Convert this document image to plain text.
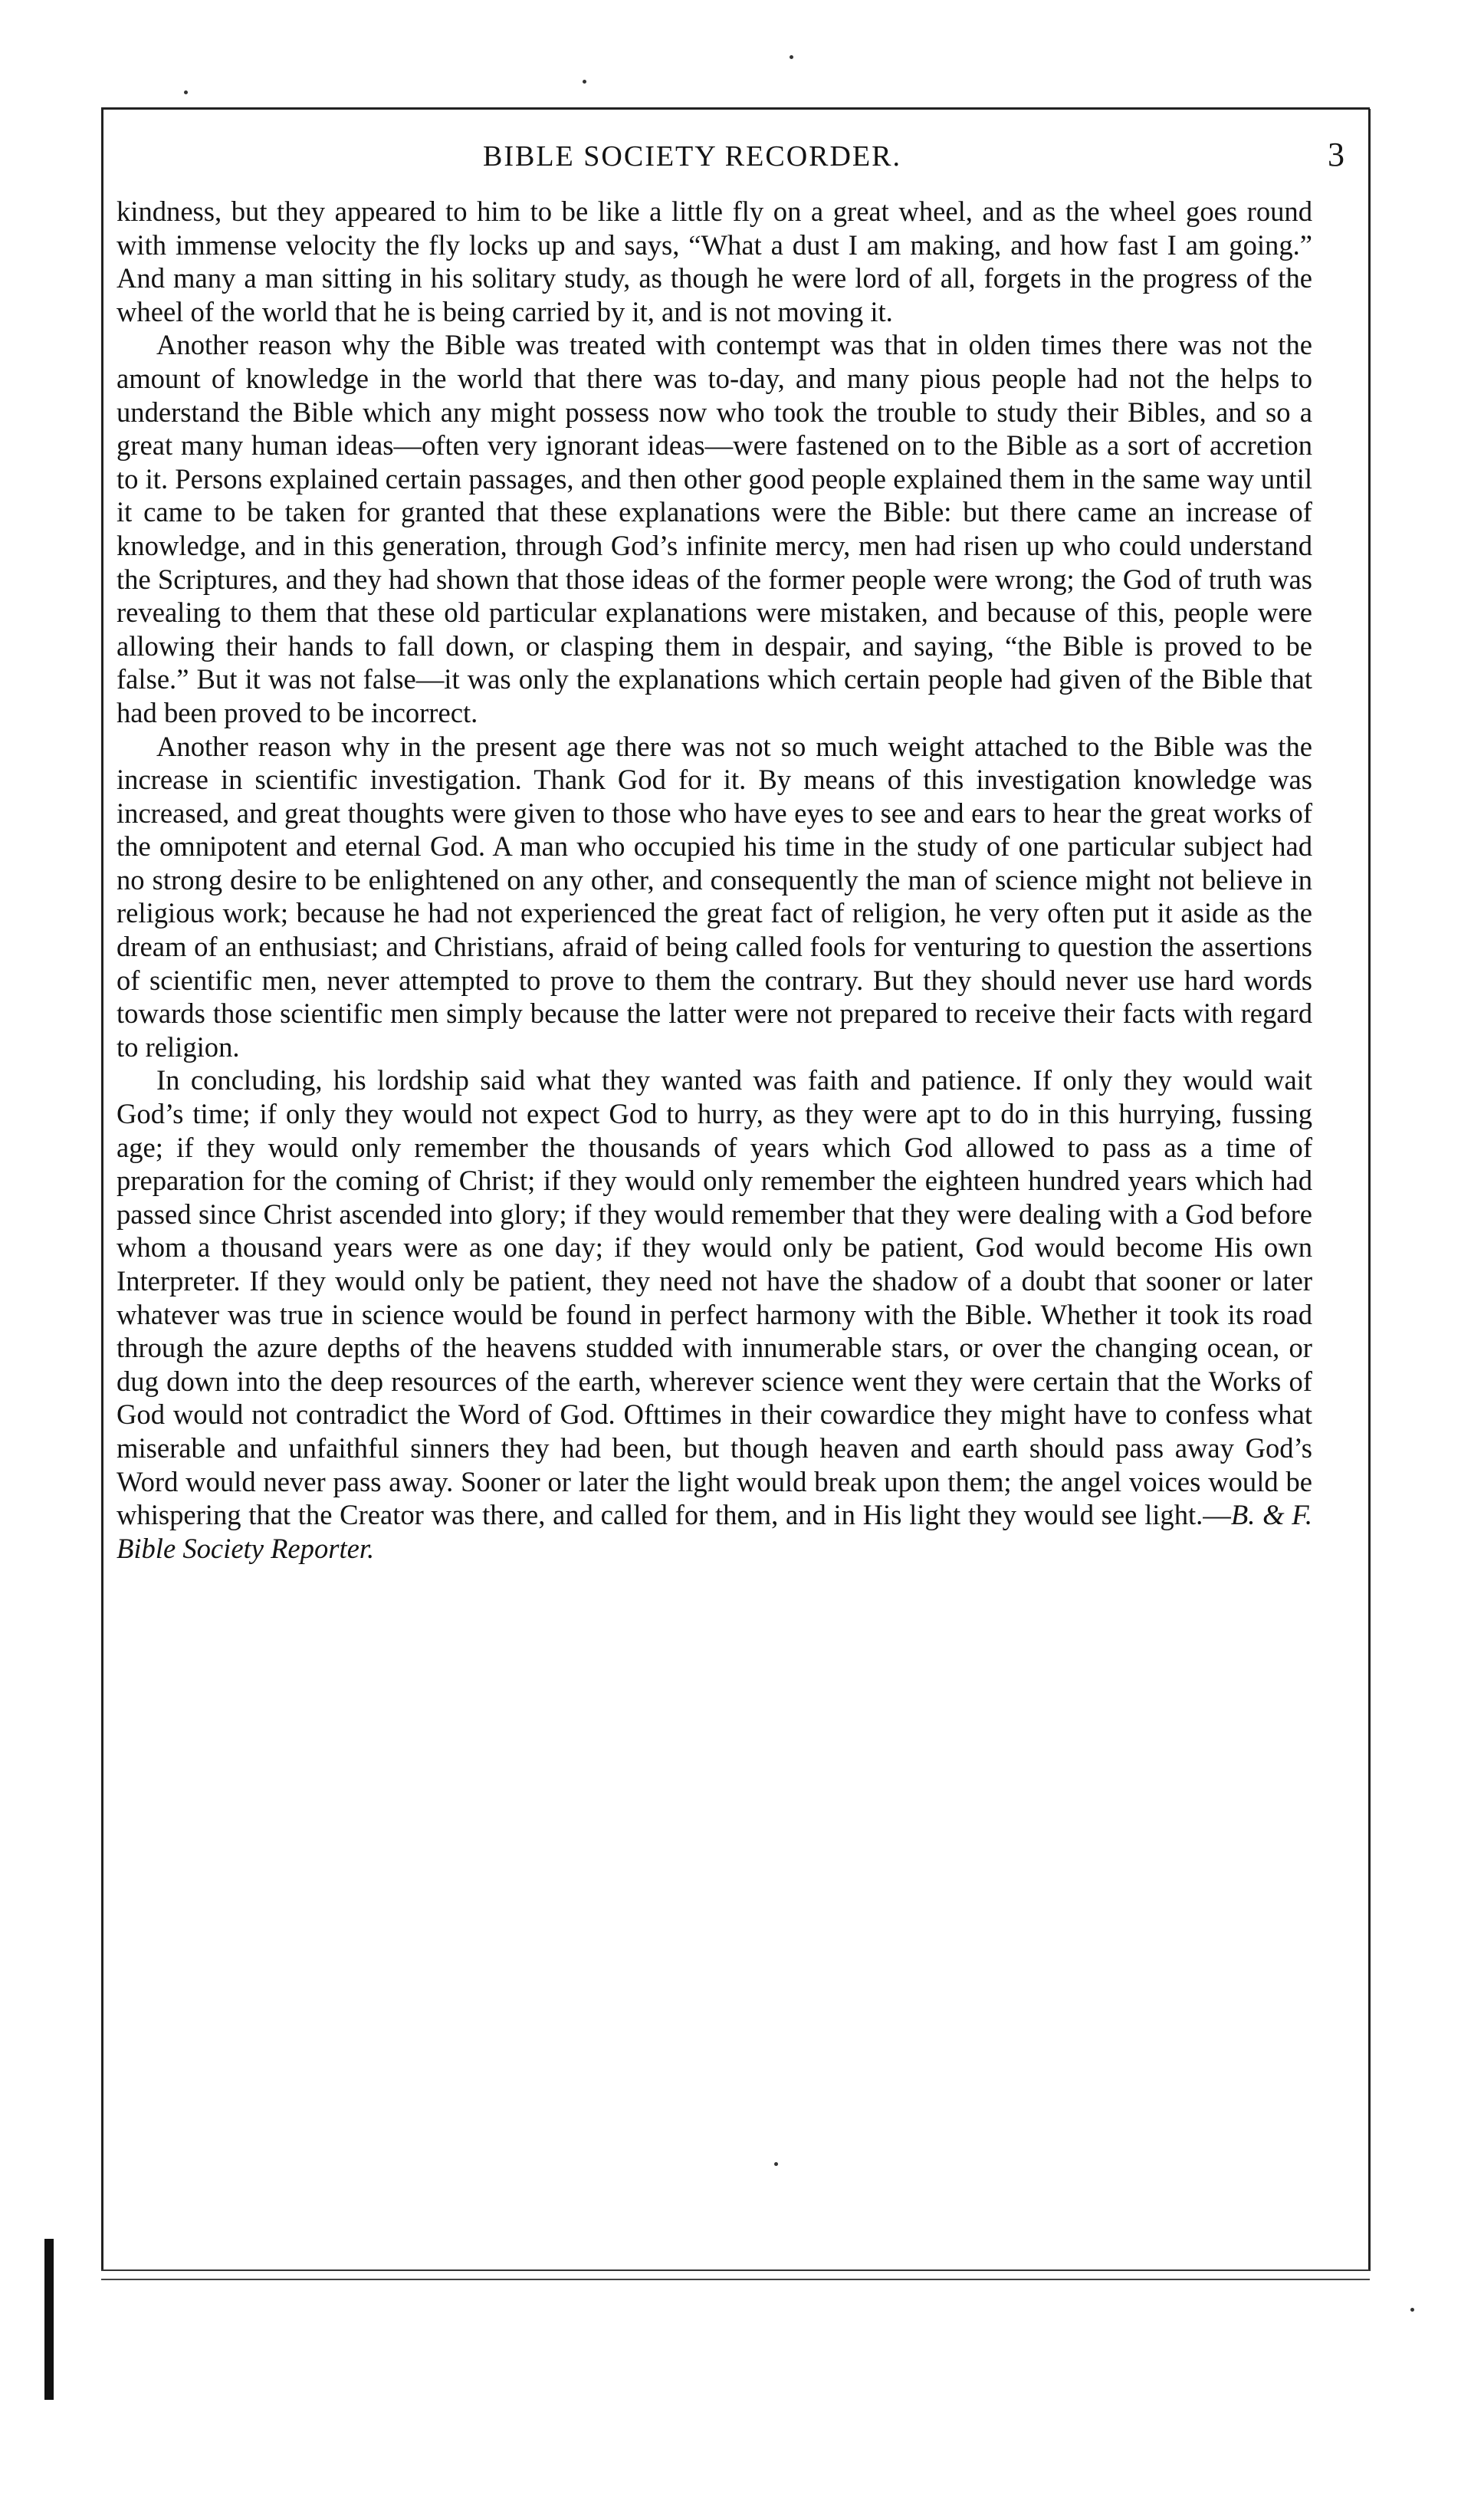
BIBLE SOCIETY RECORDER.	3

kindness, but they appeared to him to be like a little fly on a great wheel, and as the wheel goes round with immense velocity the fly locks up and says, “What a dust I am making, and how fast I am going.” And many a man sitting in his solitary study, as though he were lord of all, forgets in the progress of the wheel of the world that he is being carried by it, and is not moving it.

Another reason why the Bible was treated with contempt was that in olden times there was not the amount of knowledge in the world that there was to-day, and many pious people had not the helps to understand the Bible which any might possess now who took the trouble to study their Bibles, and so a great many human ideas—often very ignorant ideas—were fastened on to the Bible as a sort of accretion to it. Persons explained certain passages, and then other good people explained them in the same way until it came to be taken for granted that these explanations were the Bible: but there came an increase of knowledge, and in this generation, through God’s infinite mercy, men had risen up who could understand the Scriptures, and they had shown that those ideas of the former people were wrong; the God of truth was revealing to them that these old particular explanations were mistaken, and because of this, people were allowing their hands to fall down, or clasping them in despair, and saying, “the Bible is proved to be false.” But it was not false—it was only the explanations which certain people had given of the Bible that had been proved to be incorrect.

Another reason why in the present age there was not so much weight attached to the Bible was the increase in scientific investigation. Thank God for it. By means of this investigation knowledge was increased, and great thoughts were given to those who have eyes to see and ears to hear the great works of the omnipotent and eternal God. A man who occupied his time in the study of one particular subject had no strong desire to be enlightened on any other, and consequently the man of science might not believe in religious work; because he had not experienced the great fact of religion, he very often put it aside as the dream of an enthusiast; and Christians, afraid of being called fools for venturing to question the assertions of scientific men, never attempted to prove to them the contrary. But they should never use hard words towards those scientific men simply because the latter were not prepared to receive their facts with regard to religion.

In concluding, his lordship said what they wanted was faith and patience. If only they would wait God’s time; if only they would not expect God to hurry, as they were apt to do in this hurrying, fussing age; if they would only remember the thousands of years which God allowed to pass as a time of preparation for the coming of Christ; if they would only remember the eighteen hundred years which had passed since Christ ascended into glory; if they would remember that they were dealing with a God before whom a thousand years were as one day; if they would only be patient, God would become His own Interpreter. If they would only be patient, they need not have the shadow of a doubt that sooner or later whatever was true in science would be found in perfect harmony with the Bible. Whether it took its road through the azure depths of the heavens studded with innumerable stars, or over the changing ocean, or dug down into the deep resources of the earth, wherever science went they were certain that the Works of God would not contradict the Word of God. Ofttimes in their cowardice they might have to confess what miserable and unfaithful sinners they had been, but though heaven and earth should pass away God’s Word would never pass away. Sooner or later the light would break upon them; the angel voices would be whispering that the Creator was there, and called for them, and in His light they would see light.—B. & F. Bible Society Reporter.
